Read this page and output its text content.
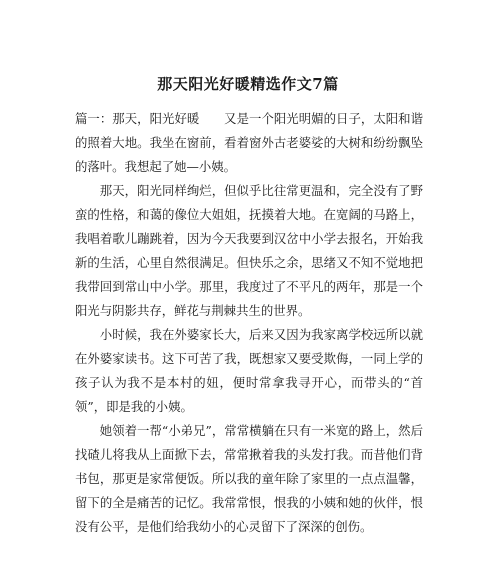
那天阳光好暖精选作文7篇

篇一：那天，阳光好暖　　又是一个阳光明媚的日子，太阳和谐的照着大地。我坐在窗前，看着窗外古老婆娑的大树和纷纷飘坠的落叶。我想起了她—小姨。

那天，阳光同样绚烂，但似乎比往常更温和，完全没有了野蛮的性格，和蔼的像位大姐姐，抚摸着大地。在宽阔的马路上，我唱着歌儿蹦跳着，因为今天我要到汉岔中小学去报名，开始我新的生活，心里自然很满足。但快乐之余，思绪又不知不觉地把我带回到常山中小学。那里，我度过了不平凡的两年，那是一个阳光与阴影共存，鲜花与荆棘共生的世界。

小时候，我在外婆家长大，后来又因为我家离学校远所以就在外婆家读书。这下可苦了我，既想家又要受欺侮，一同上学的孩子认为我不是本村的妞，便时常拿我寻开心，而带头的“首领”，即是我的小姨。

她领着一帮“小弟兄”，常常横躺在只有一米宽的路上，然后找碴儿将我从上面掀下去，常常揪着我的头发打我。而昔他们背书包，那更是家常便饭。所以我的童年除了家里的一点点温馨，留下的全是痛苦的记忆。我常常恨，恨我的小姨和她的伙伴，恨没有公平，是他们给我幼小的心灵留下了深深的创伤。
